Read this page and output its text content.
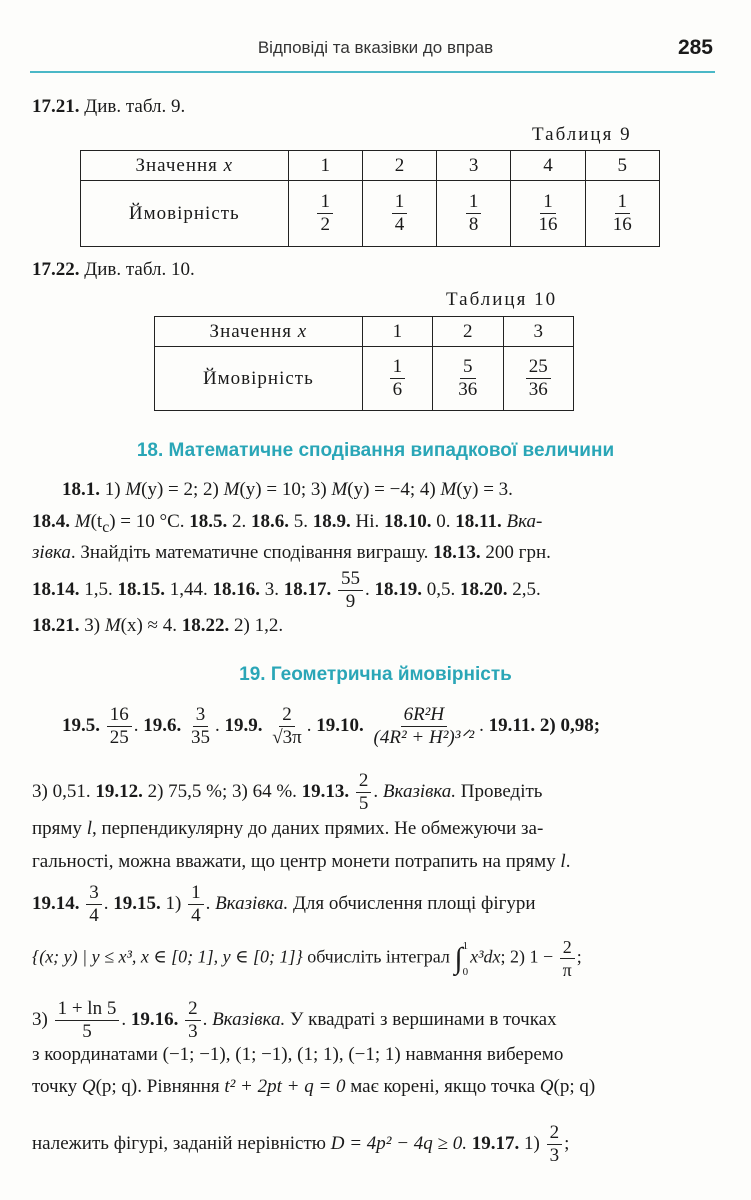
Відповіді та вказівки до вправ	285
17.21. Див. табл. 9.
Таблиця 9
Значення x	1	2	3	4	5
Ймовірність	$\frac{1}{2}$	$\frac{1}{4}$	$\frac{1}{8}$	$\frac{1}{16}$	$\frac{1}{16}$
17.22. Див. табл. 10.
Таблиця 10
Значення x	1	2	3
Ймовірність	$\frac{1}{6}$	$\frac{5}{36}$	$\frac{25}{36}$
18. Математичне сподівання випадкової величини
18.1. 1) M(y) = 2; 2) M(y) = 10; 3) M(y) = −4; 4) M(y) = 3.
18.4. $M(t_c) = 10$ °С. 18.5. 2. 18.6. 5. 18.9. Ні. 18.10. 0. 18.11. Вка-
зівка. Знайдіть математичне сподівання виграшу. 18.13. 200 грн.
18.14. 1,5. 18.15. 1,44. 18.16. 3. 18.17. $\frac{55}{9}$ . 18.19. 0,5. 18.20. 2,5.
18.21. 3) M(x) ≈ 4. 18.22. 2) 1,2.
19. Геометрична ймовірність
19.5. $\frac{16}{25}$ . 19.6. $\frac{3}{35}$ . 19.9. $\frac{2}{√3\pi}$ . 19.10. $\frac{\text{6R²H}}{\text{(4R² + H²)³ᐟ²}}$ . 19.11. 2) 0,98;
3) 0,51. 19.12. 2) 75,5 %; 3) 64 %. 19.13. $\frac{2}{5}$ . Вказівка. Проведіть
пряму l, перпендикулярну до даних прямих. Не обмежуючи за-
гальності, можна вважати, що центр монети потрапить на пряму l.
19.14. $\frac{3}{4}$ . 19.15. $1) \frac{1}{4}$ . Вказівка. Для обчислення площі фігури
{(x; y) | y ≤ x³, x ∈ [0; 1], y ∈ [0; 1]} обчисліть інтеграл ∫ 1
0
x³dx; 2) $1 - \frac{2}{\pi}$ ;
$3) \frac{1 + \ln 5}{5}$ . 19.16. $\frac{2}{3}$ . Вказівка. У квадраті з вершинами в точках
з координатами (−1; −1), (1; −1), (1; 1), (−1; 1) навмання виберемо
точку Q(p; q). Рівняння t² + 2pt + q = 0 має корені, якщо точка Q(p; q)
належить фігурі, заданій нерівністю D = 4p² − 4q ≥ 0. 19.17. $1) \frac{2}{3}$ ;
